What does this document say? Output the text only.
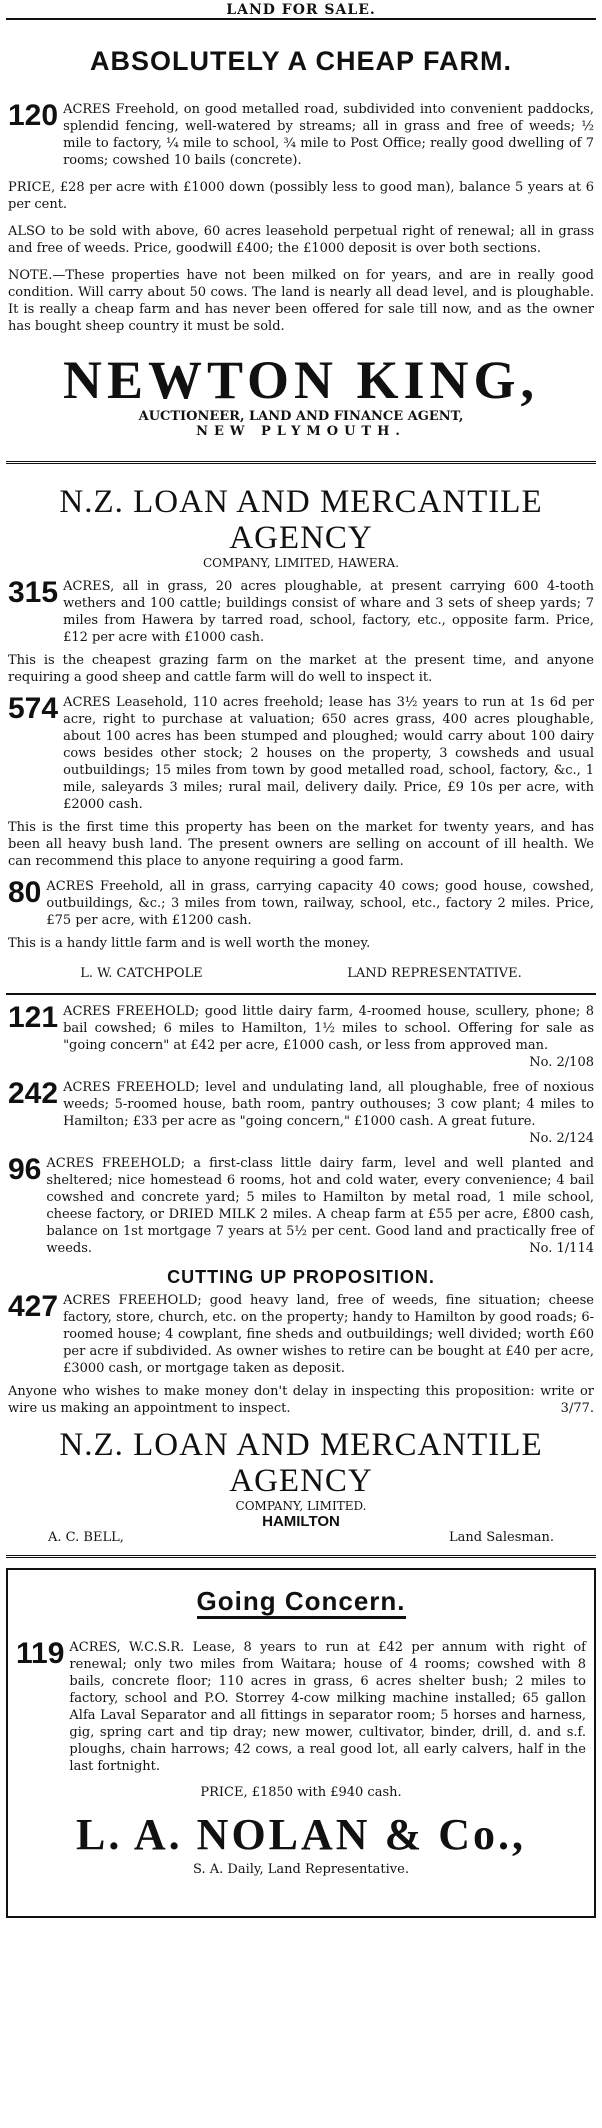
LAND FOR SALE.
ABSOLUTELY A CHEAP FARM.
120 ACRES Freehold, on good metalled road, subdivided into convenient paddocks, splendid fencing, well-watered by streams; all in grass and free of weeds; ½ mile to factory, ¼ mile to school, ¾ mile to Post Office; really good dwelling of 7 rooms; cowshed 10 bails (concrete).

PRICE, £28 per acre with £1000 down (possibly less to good man), balance 5 years at 6 per cent.

ALSO to be sold with above, 60 acres leasehold perpetual right of renewal; all in grass and free of weeds. Price, goodwill £400; the £1000 deposit is over both sections.

NOTE.—These properties have not been milked on for years, and are in really good condition. Will carry about 50 cows. The land is nearly all dead level, and is ploughable. It is really a cheap farm and has never been offered for sale till now, and as the owner has bought sheep country it must be sold.

NEWTON KING,
AUCTIONEER, LAND AND FINANCE AGENT,
NEW PLYMOUTH.
N.Z. LOAN AND MERCANTILE AGENCY
COMPANY, LIMITED, HAWERA.
315 ACRES, all in grass, 20 acres ploughable, at present carrying 600 4-tooth wethers and 100 cattle; buildings consist of whare and 3 sets of sheep yards; 7 miles from Hawera by tarred road, school, factory, etc., opposite farm. Price, £12 per acre with £1000 cash.

This is the cheapest grazing farm on the market at the present time, and anyone requiring a good sheep and cattle farm will do well to inspect it.

574 ACRES Leasehold, 110 acres freehold; lease has 3½ years to run at 1s 6d per acre, right to purchase at valuation; 650 acres grass, 400 acres ploughable, about 100 acres has been stumped and ploughed; would carry about 100 dairy cows besides other stock; 2 houses on the property, 3 cowsheds and usual outbuildings; 15 miles from town by good metalled road, school, factory, &c., 1 mile, saleyards 3 miles; rural mail, delivery daily. Price, £9 10s per acre, with £2000 cash.

This is the first time this property has been on the market for twenty years, and has been all heavy bush land. The present owners are selling on account of ill health. We can recommend this place to anyone requiring a good farm.

80 ACRES Freehold, all in grass, carrying capacity 40 cows; good house, cowshed, outbuildings, &c.; 3 miles from town, railway, school, etc., factory 2 miles. Price, £75 per acre, with £1200 cash.

This is a handy little farm and is well worth the money.

L. W. CATCHPOLE	LAND REPRESENTATIVE.
121 ACRES FREEHOLD; good little dairy farm, 4-roomed house, scullery, phone; 8 bail cowshed; 6 miles to Hamilton, 1½ miles to school. Offering for sale as "going concern" at £42 per acre, £1000 cash, or less from approved man.
No. 2/108

242 ACRES FREEHOLD; level and undulating land, all ploughable, free of noxious weeds; 5-roomed house, bath room, pantry outhouses; 3 cow plant; 4 miles to Hamilton; £33 per acre as "going concern," £1000 cash. A great future.
No. 2/124

96 ACRES FREEHOLD; a first-class little dairy farm, level and well planted and sheltered; nice homestead 6 rooms, hot and cold water, every convenience; 4 bail cowshed and concrete yard; 5 miles to Hamilton by metal road, 1 mile school, cheese factory, or DRIED MILK 2 miles. A cheap farm at £55 per acre, £800 cash, balance on 1st mortgage 7 years at 5½ per cent. Good land and practically free of weeds.	No. 1/114

CUTTING UP PROPOSITION.
427 ACRES FREEHOLD; good heavy land, free of weeds, fine situation; cheese factory, store, church, etc. on the property; handy to Hamilton by good roads; 6-roomed house; 4 cowplant, fine sheds and outbuildings; well divided; worth £60 per acre if subdivided. As owner wishes to retire can be bought at £40 per acre, £3000 cash, or mortgage taken as deposit.

Anyone who wishes to make money don't delay in inspecting this proposition: write or wire us making an appointment to inspect.	3/77.

N.Z. LOAN AND MERCANTILE AGENCY
COMPANY, LIMITED.
HAMILTON
A. C. BELL,	Land Salesman.
Going Concern.
119 ACRES, W.C.S.R. Lease, 8 years to run at £42 per annum with right of renewal; only two miles from Waitara; house of 4 rooms; cowshed with 8 bails, concrete floor; 110 acres in grass, 6 acres shelter bush; 2 miles to factory, school and P.O. Storrey 4-cow milking machine installed; 65 gallon Alfa Laval Separator and all fittings in separator room; 5 horses and harness, gig, spring cart and tip dray; new mower, cultivator, binder, drill, d. and s.f. ploughs, chain harrows; 42 cows, a real good lot, all early calvers, half in the last fortnight.

PRICE, £1850 with £940 cash.
L. A. NOLAN & Co.,
S. A. Daily, Land Representative.
